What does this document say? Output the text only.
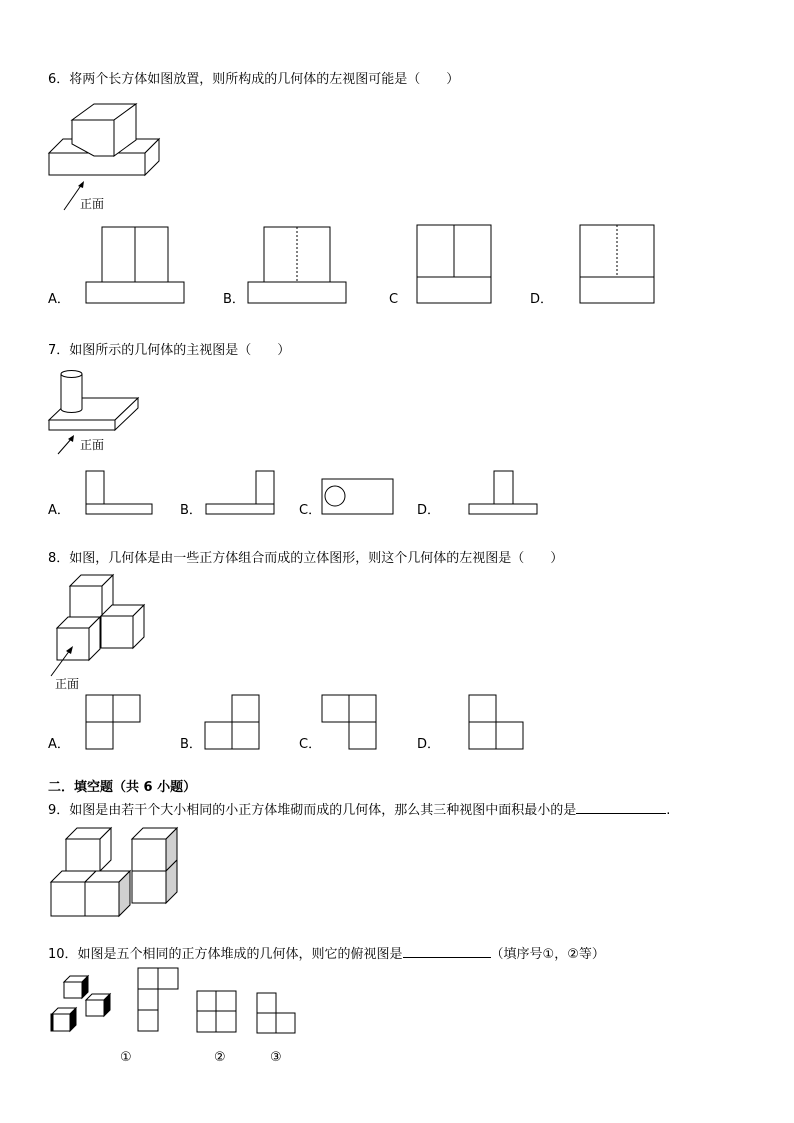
6．将两个长方体如图放置，则所构成的几何体的左视图可能是（　　）
正面
A．	B．	C	D．
7．如图所示的几何体的主视图是（　　）
正面
A．	B．	C．	D．
8．如图，几何体是由一些正方体组合而成的立体图形，则这个几何体的左视图是（　　）
正面
A．	B．	C．	D．
二．填空题（共 6 小题）
9．如图是由若干个大小相同的小正方体堆砌而成的几何体，那么其三种视图中面积最小的是	.
10．如图是五个相同的正方体堆成的几何体，则它的俯视图是	（填序号①，②等）
①	②	③
